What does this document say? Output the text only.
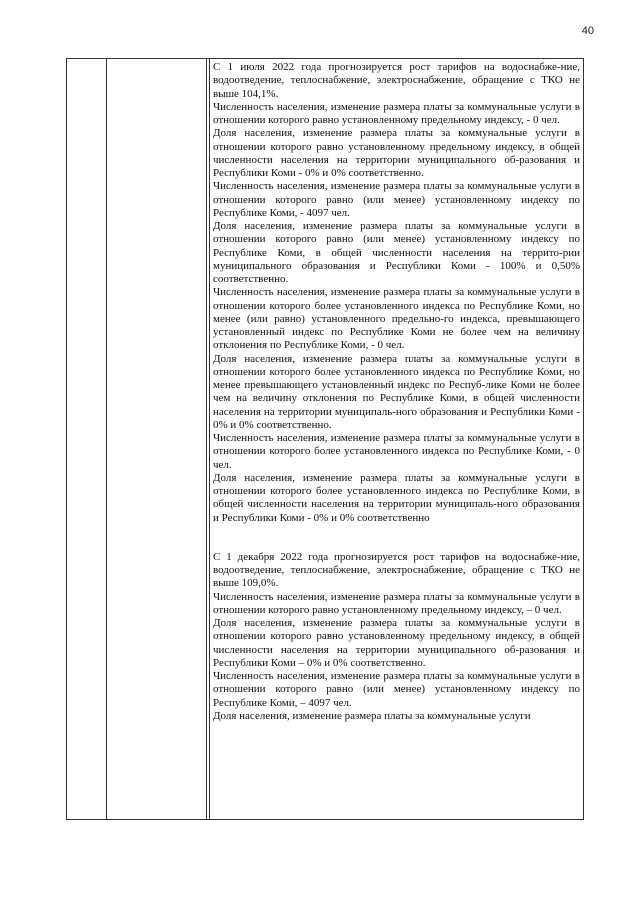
40

С 1 июля 2022 года прогнозируется рост тарифов на водоснабже-ние, водоотведение, теплоснабжение, электроснабжение, обращение с ТКО не выше 104,1%.

Численность населения, изменение размера платы за коммунальные услуги в отношении которого равно установленному предельному индексу, - 0 чел.

Доля населения, изменение размера платы за коммунальные услуги в отношении которого равно установленному предельному индексу, в общей численности населения на территории муниципального об-разования и Республики Коми - 0% и 0% соответственно.

Численность населения, изменение размера платы за коммунальные услуги в отношении которого равно (или менее) установленному индексу по Республике Коми, - 4097 чел.

Доля населения, изменение размера платы за коммунальные услуги в отношении которого равно (или менее) установленному индексу по Республике Коми, в общей численности населения на террито-рии муниципального образования и Республики Коми - 100% и 0,50% соответственно.

Численность населения, изменение размера платы за коммунальные услуги в отношении которого более установленного индекса по Республике Коми, но менее (или равно) установленного предельно-го индекса, превышающего установленный индекс по Республике Коми не более чем на величину отклонения по Республике Коми, - 0 чел.

Доля населения, изменение размера платы за коммунальные услуги в отношении которого более установленного индекса по Республике Коми, но менее превышающего установленный индекс по Респуб-лике Коми не более чем на величину отклонения по Республике Коми, в общей численности населения на территории муниципаль-ного образования и Республики Коми - 0% и 0% соответственно.

Численность населения, изменение размера платы за коммунальные услуги в отношении которого более установленного индекса по Республике Коми, - 0 чел.

Доля населения, изменение размера платы за коммунальные услуги в отношении которого более установленного индекса по Республике Коми, в общей численности населения на территории муниципаль-ного образования и Республики Коми - 0% и 0% соответственно

С 1 декабря 2022 года прогнозируется рост тарифов на водоснабже-ние, водоотведение, теплоснабжение, электроснабжение, обращение с ТКО не выше 109,0%.

Численность населения, изменение размера платы за коммунальные услуги в отношении которого равно установленному предельному индексу, – 0 чел.

Доля населения, изменение размера платы за коммунальные услуги в отношении которого равно установленному предельному индексу, в общей численности населения на территории муниципального об-разования и Республики Коми – 0% и 0% соответственно.

Численность населения, изменение размера платы за коммунальные услуги в отношении которого равно (или менее) установленному индексу по Республике Коми, – 4097 чел.

Доля населения, изменение размера платы за коммунальные услуги
